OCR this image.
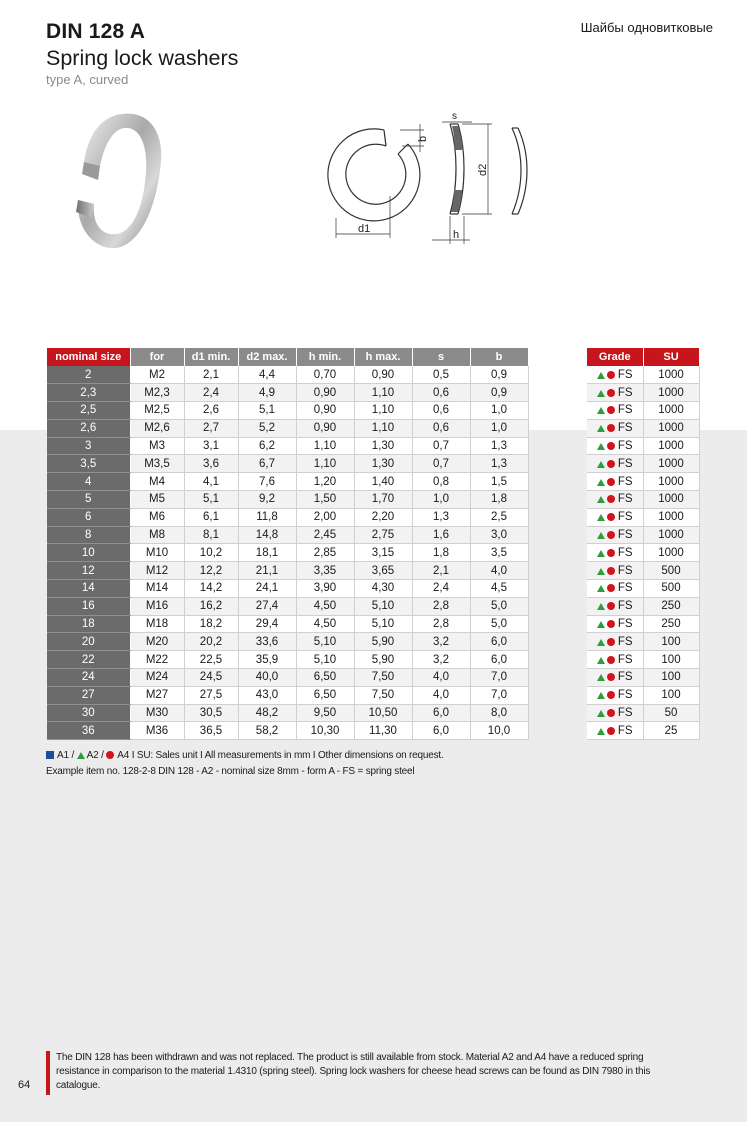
DIN 128 A
Spring lock washers
type A, curved
Шайбы одновитковые
d1
b
d2
s
h
nominal size	for	d1 min.	d2 max.	h min.	h max.	s	b
2	M2	2,1	4,4	0,70	0,90	0,5	0,9
2,3	M2,3	2,4	4,9	0,90	1,10	0,6	0,9
2,5	M2,5	2,6	5,1	0,90	1,10	0,6	1,0
2,6	M2,6	2,7	5,2	0,90	1,10	0,6	1,0
3	M3	3,1	6,2	1,10	1,30	0,7	1,3
3,5	M3,5	3,6	6,7	1,10	1,30	0,7	1,3
4	M4	4,1	7,6	1,20	1,40	0,8	1,5
5	M5	5,1	9,2	1,50	1,70	1,0	1,8
6	M6	6,1	11,8	2,00	2,20	1,3	2,5
8	M8	8,1	14,8	2,45	2,75	1,6	3,0
10	M10	10,2	18,1	2,85	3,15	1,8	3,5
12	M12	12,2	21,1	3,35	3,65	2,1	4,0
14	M14	14,2	24,1	3,90	4,30	2,4	4,5
16	M16	16,2	27,4	4,50	5,10	2,8	5,0
18	M18	18,2	29,4	4,50	5,10	2,8	5,0
20	M20	20,2	33,6	5,10	5,90	3,2	6,0
22	M22	22,5	35,9	5,10	5,90	3,2	6,0
24	M24	24,5	40,0	6,50	7,50	4,0	7,0
27	M27	27,5	43,0	6,50	7,50	4,0	7,0
30	M30	30,5	48,2	9,50	10,50	6,0	8,0
36	M36	36,5	58,2	10,30	11,30	6,0	10,0
Grade	SU
FS	1000
FS	1000
FS	1000
FS	1000
FS	1000
FS	1000
FS	1000
FS	1000
FS	1000
FS	1000
FS	1000
FS	500
FS	500
FS	250
FS	250
FS	100
FS	100
FS	100
FS	100
FS	50
FS	25
A1 / A2 / A4 I SU: Sales unit I All measurements in mm I Other dimensions on request.
Example item no. 128-2-8 DIN 128 - A2 - nominal size 8mm - form A - FS = spring steel
The DIN 128 has been withdrawn and was not replaced. The product is still available from stock. Material A2 and A4 have a reduced spring resistance in comparison to the material 1.4310 (spring steel). Spring lock washers for cheese head screws can be found as DIN 7980 in this catalogue.
64
